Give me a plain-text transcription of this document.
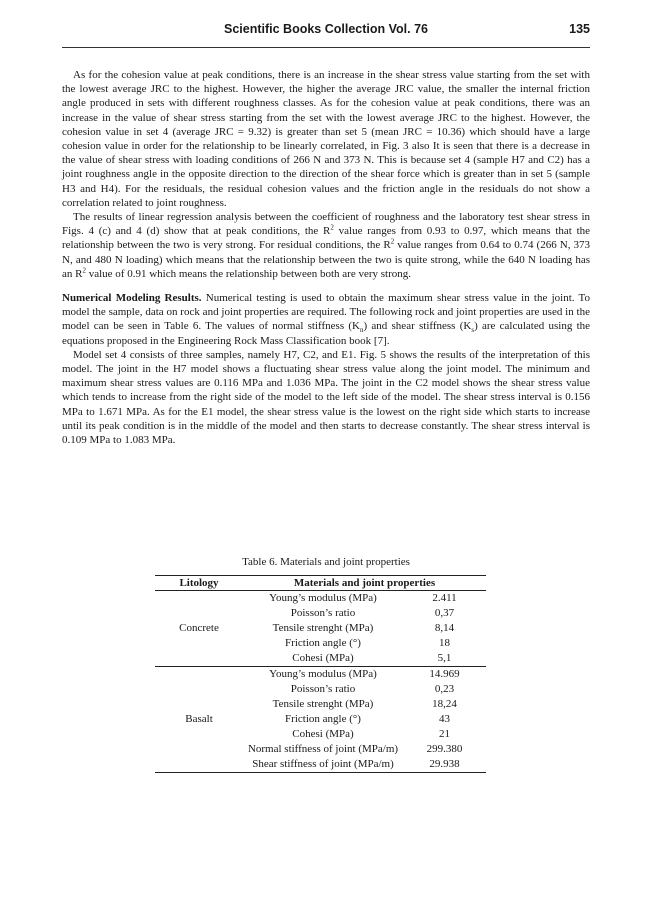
Scientific Books Collection Vol. 76	135

As for the cohesion value at peak conditions, there is an increase in the shear stress value starting from the set with the lowest average JRC to the highest. However, the higher the average JRC value, the smaller the internal friction angle produced in sets with different roughness classes. As for the cohesion value at peak conditions, there was an increase in the value of shear stress starting from the set with the lowest average JRC to the highest. However, the cohesion value in set 4 (average JRC = 9.32) is greater than set 5 (mean JRC = 10.36) which should have a large cohesion value in order for the relationship to be linearly correlated, in Fig. 3 also It is seen that there is a decrease in the value of shear stress with loading conditions of 266 N and 373 N. This is because set 4 (sample H7 and C2) has a joint roughness angle in the opposite direction to the direction of the shear force which is greater than in set 5 (sample H3 and H4). For the residuals, the residual cohesion values and the friction angle in the residuals do not show a correlation related to joint roughness.

The results of linear regression analysis between the coefficient of roughness and the laboratory test shear stress in Figs. 4 (c) and 4 (d) show that at peak conditions, the $R^2$ value ranges from 0.93 to 0.97, which means that the relationship between the two is very strong. For residual conditions, the $R^2$ value ranges from 0.64 to 0.74 (266 N, 373 N, and 480 N loading) which means that the relationship between the two is quite strong, while the 640 N loading has an $R^2$ value of 0.91 which means the relationship between both are very strong.

Numerical Modeling Results. Numerical testing is used to obtain the maximum shear stress value in the joint. To model the sample, data on rock and joint properties are required. The following rock and joint properties are used in the model can be seen in Table 6. The values of normal stiffness $(K_n)$ and shear stiffness $(K_s)$ are calculated using the equations proposed in the Engineering Rock Mass Classification book [7].

Model set 4 consists of three samples, namely H7, C2, and E1. Fig. 5 shows the results of the interpretation of this model. The joint in the H7 model shows a fluctuating shear stress value along the joint model. The minimum and maximum shear stress values are 0.116 MPa and 1.036 MPa. The joint in the C2 model shows the shear stress value which tends to increase from the right side of the model to the left side of the model. The shear stress interval is 0.156 MPa to 1.671 MPa. As for the E1 model, the shear stress value is the lowest on the right side which starts to increase until its peak condition is in the middle of the model and then starts to decrease constantly. The shear stress interval is 0.109 MPa to 1.083 MPa.

Table 6. Materials and joint properties
Litology	Materials and joint properties	
Concrete	Young’s modulus (MPa)	2.411
	Poisson’s ratio	0,37
	Tensile strenght (MPa)	8,14
	Friction angle (°)	18
	Cohesi (MPa)	5,1
Basalt	Young’s modulus (MPa)	14.969
	Poisson’s ratio	0,23
	Tensile strenght (MPa)	18,24
	Friction angle (°)	43
	Cohesi (MPa)	21
	Normal stiffness of joint (MPa/m)	299.380
	Shear stiffness of joint (MPa/m)	29.938
